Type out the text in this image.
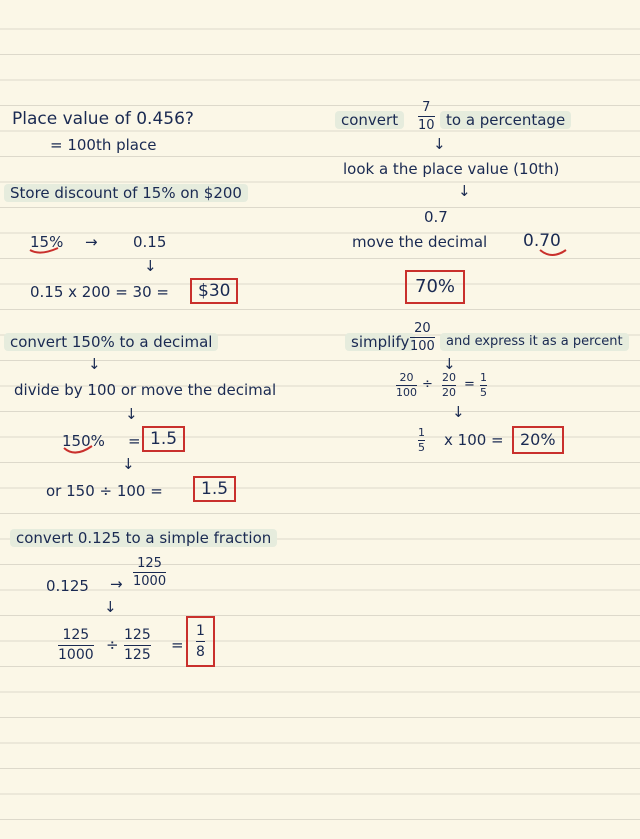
Place value of 0.456?
= 100th place
Store discount of 15% on $200
15% → 0.15
↓
0.15 x 200 = 30 =	$30
convert 150% to a decimal
↓
divide by 100 or move the decimal
↓
150% = 1.5
↓
or 150 ÷ 100 =	1.5
convert 0.125 to a simple fraction
125
1000
0.125 →
↓
125
1000
÷
125
125
=
1
8
convert
7
10 to a percentage
↓
look a the place value (10th)
↓
0.7
move the decimal 0.70
70%
simplify
20
100 and express it as a percent
↓
20
100
÷ 20
20
= 1
5
↓
1
5 x 100 =	20%
